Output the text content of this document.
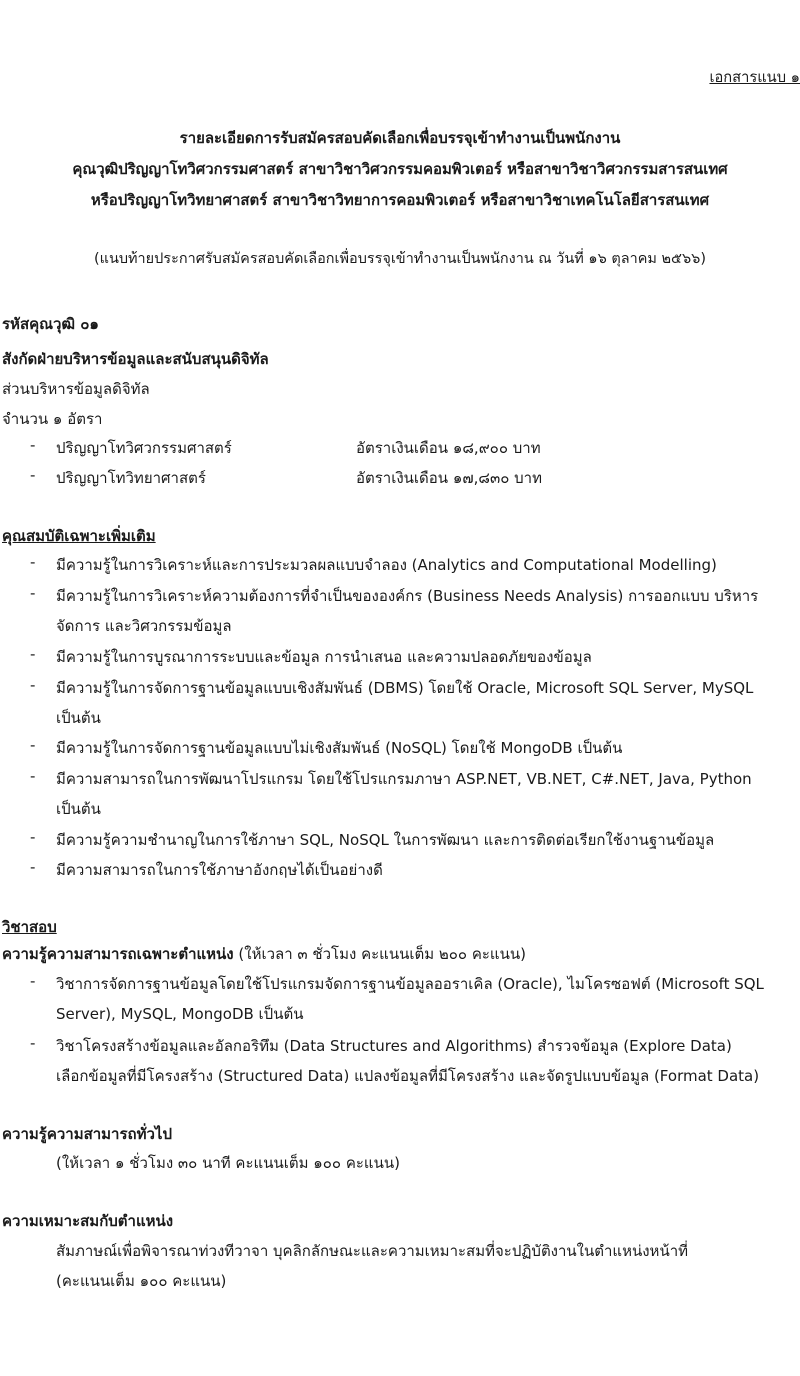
เอกสารแนบ ๑
รายละเอียดการรับสมัครสอบคัดเลือกเพื่อบรรจุเข้าทำงานเป็นพนักงาน
คุณวุฒิปริญญาโทวิศวกรรมศาสตร์ สาขาวิชาวิศวกรรมคอมพิวเตอร์ หรือสาขาวิชาวิศวกรรมสารสนเทศ
หรือปริญญาโทวิทยาศาสตร์ สาขาวิชาวิทยาการคอมพิวเตอร์ หรือสาขาวิชาเทคโนโลยีสารสนเทศ
(แนบท้ายประกาศรับสมัครสอบคัดเลือกเพื่อบรรจุเข้าทำงานเป็นพนักงาน ณ วันที่ ๑๖ ตุลาคม ๒๕๖๖)
รหัสคุณวุฒิ ๐๑
สังกัดฝ่ายบริหารข้อมูลและสนับสนุนดิจิทัล
ส่วนบริหารข้อมูลดิจิทัล
จำนวน ๑ อัตรา
- ปริญญาโทวิศวกรรมศาสตร์	อัตราเงินเดือน ๑๘,๙๐๐ บาท
- ปริญญาโทวิทยาศาสตร์	อัตราเงินเดือน ๑๗,๘๓๐ บาท
คุณสมบัติเฉพาะเพิ่มเติม
- มีความรู้ในการวิเคราะห์และการประมวลผลแบบจำลอง (Analytics and Computational Modelling)
- มีความรู้ในการวิเคราะห์ความต้องการที่จำเป็นขององค์กร (Business Needs Analysis) การออกแบบ บริหาร
จัดการ และวิศวกรรมข้อมูล
- มีความรู้ในการบูรณาการระบบและข้อมูล การนำเสนอ และความปลอดภัยของข้อมูล
- มีความรู้ในการจัดการฐานข้อมูลแบบเชิงสัมพันธ์ (DBMS) โดยใช้ Oracle, Microsoft SQL Server, MySQL
เป็นต้น
- มีความรู้ในการจัดการฐานข้อมูลแบบไม่เชิงสัมพันธ์ (NoSQL) โดยใช้ MongoDB เป็นต้น
- มีความสามารถในการพัฒนาโปรแกรม โดยใช้โปรแกรมภาษา ASP.NET, VB.NET, C#.NET, Java, Python
เป็นต้น
- มีความรู้ความชำนาญในการใช้ภาษา SQL, NoSQL ในการพัฒนา และการติดต่อเรียกใช้งานฐานข้อมูล
- มีความสามารถในการใช้ภาษาอังกฤษได้เป็นอย่างดี
วิชาสอบ
ความรู้ความสามารถเฉพาะตำแหน่ง (ให้เวลา ๓ ชั่วโมง คะแนนเต็ม ๒๐๐ คะแนน)
- วิชาการจัดการฐานข้อมูลโดยใช้โปรแกรมจัดการฐานข้อมูลออราเคิล (Oracle), ไมโครซอฟต์ (Microsoft SQL
Server), MySQL, MongoDB เป็นต้น
- วิชาโครงสร้างข้อมูลและอัลกอริทึม (Data Structures and Algorithms) สำรวจข้อมูล (Explore Data)
เลือกข้อมูลที่มีโครงสร้าง (Structured Data) แปลงข้อมูลที่มีโครงสร้าง และจัดรูปแบบข้อมูล (Format Data)
ความรู้ความสามารถทั่วไป
(ให้เวลา ๑ ชั่วโมง ๓๐ นาที คะแนนเต็ม ๑๐๐ คะแนน)
ความเหมาะสมกับตำแหน่ง
สัมภาษณ์เพื่อพิจารณาท่วงทีวาจา บุคลิกลักษณะและความเหมาะสมที่จะปฏิบัติงานในตำแหน่งหน้าที่
(คะแนนเต็ม ๑๐๐ คะแนน)
